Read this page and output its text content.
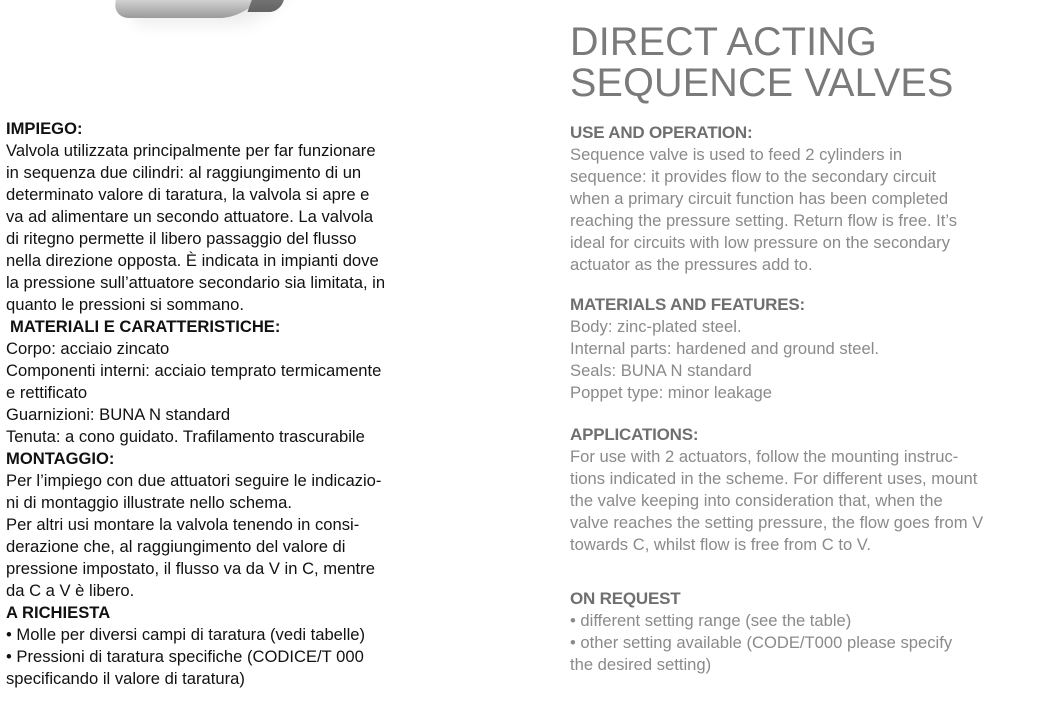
DIRECT ACTING
SEQUENCE VALVES
IMPIEGO:

Valvola utilizzata principalmente per far funzionare

in sequenza due cilindri: al raggiungimento di un

determinato valore di taratura, la valvola si apre e

va ad alimentare un secondo attuatore. La valvola

di ritegno permette il libero passaggio del flusso

nella direzione opposta. È indicata in impianti dove

la pressione sull’attuatore secondario sia limitata, in

quanto le pressioni si sommano.

MATERIALI E CARATTERISTICHE:

Corpo: acciaio zincato

Componenti interni: acciaio temprato termicamente

e rettificato

Guarnizioni: BUNA N standard

Tenuta: a cono guidato. Trafilamento trascurabile

MONTAGGIO:

Per l’impiego con due attuatori seguire le indicazio-

ni di montaggio illustrate nello schema.

Per altri usi montare la valvola tenendo in consi-

derazione che, al raggiungimento del valore di

pressione impostato, il flusso va da V in C, mentre

da C a V è libero.

A RICHIESTA
• Molle per diversi campi di taratura (vedi tabelle)
• Pressioni di taratura specifiche (CODICE/T 000
specificando il valore di taratura)
USE AND OPERATION:

Sequence valve is used to feed 2 cylinders in

sequence: it provides flow to the secondary circuit

when a primary circuit function has been completed

reaching the pressure setting. Return flow is free. It’s

ideal for circuits with low pressure on the secondary

actuator as the pressures add to.

MATERIALS AND FEATURES:

Body: zinc-plated steel.

Internal parts: hardened and ground steel.

Seals: BUNA N standard

Poppet type: minor leakage

APPLICATIONS:

For use with 2 actuators, follow the mounting instruc-

tions indicated in the scheme. For different uses, mount

the valve keeping into consideration that, when the

valve reaches the setting pressure, the flow goes from V

towards C, whilst flow is free from C to V.

ON REQUEST
• different setting range (see the table)
• other setting available (CODE/T000 please specify
the desired setting)
